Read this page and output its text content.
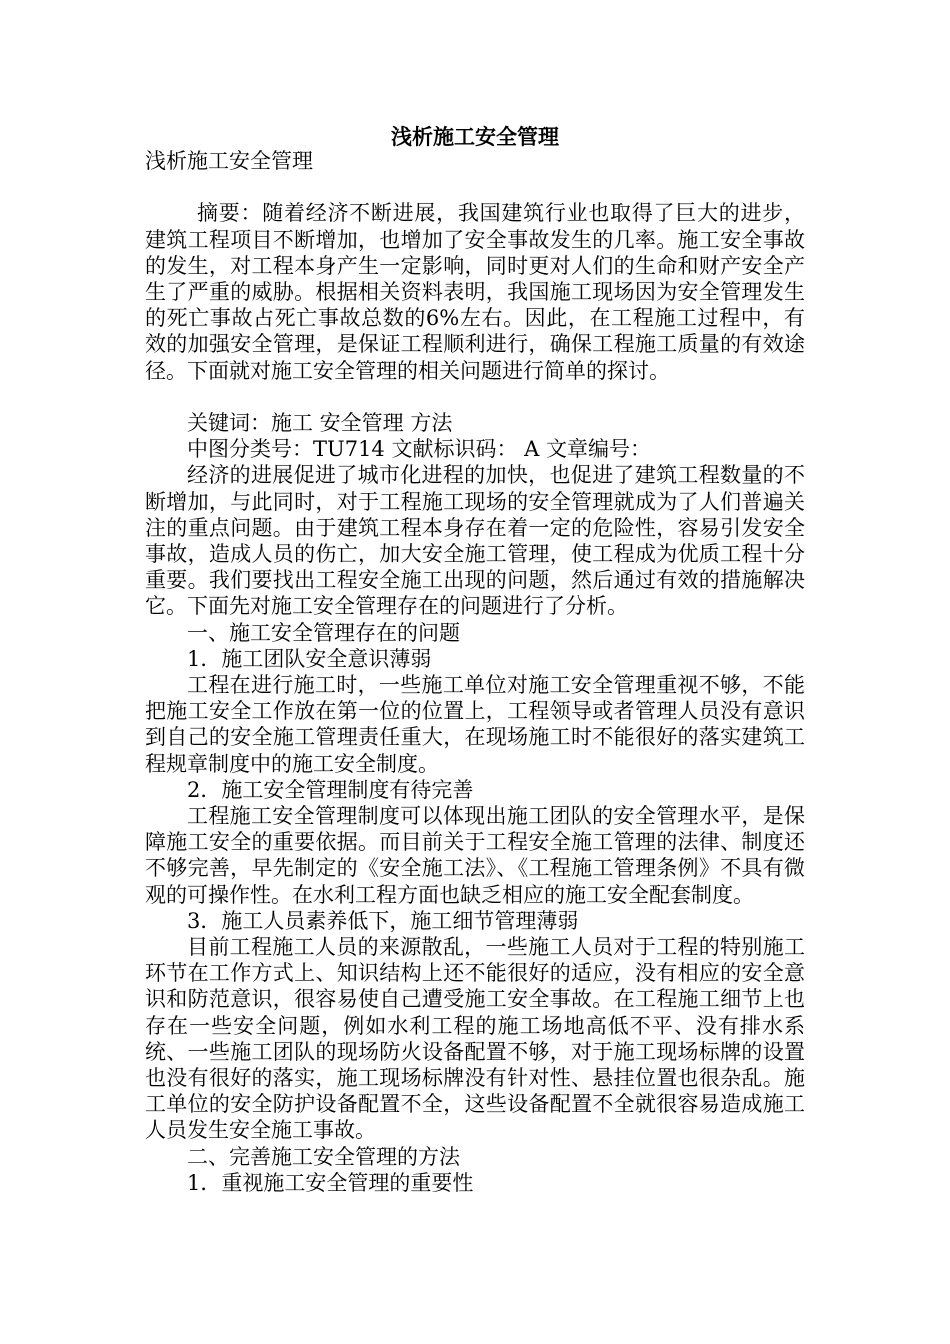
浅析施工安全管理

浅析施工安全管理

摘要：随着经济不断进展，我国建筑行业也取得了巨大的进步，建筑工程项目不断增加，也增加了安全事故发生的几率。施工安全事故的发生，对工程本身产生一定影响，同时更对人们的生命和财产安全产生了严重的威胁。根据相关资料表明，我国施工现场因为安全管理发生的死亡事故占死亡事故总数的6%左右。因此，在工程施工过程中，有效的加强安全管理，是保证工程顺利进行，确保工程施工质量的有效途径。下面就对施工安全管理的相关问题进行简单的探讨。

关键词：施工 安全管理 方法

中图分类号：TU714 文献标识码： A 文章编号：

经济的进展促进了城市化进程的加快，也促进了建筑工程数量的不断增加，与此同时，对于工程施工现场的安全管理就成为了人们普遍关注的重点问题。由于建筑工程本身存在着一定的危险性，容易引发安全事故，造成人员的伤亡，加大安全施工管理，使工程成为优质工程十分重要。我们要找出工程安全施工出现的问题，然后通过有效的措施解决它。下面先对施工安全管理存在的问题进行了分析。

一、施工安全管理存在的问题

1．施工团队安全意识薄弱

工程在进行施工时，一些施工单位对施工安全管理重视不够，不能把施工安全工作放在第一位的位置上，工程领导或者管理人员没有意识到自己的安全施工管理责任重大，在现场施工时不能很好的落实建筑工程规章制度中的施工安全制度。

2．施工安全管理制度有待完善

工程施工安全管理制度可以体现出施工团队的安全管理水平，是保障施工安全的重要依据。而目前关于工程安全施工管理的法律、制度还不够完善，早先制定的《安全施工法》、《工程施工管理条例》不具有微观的可操作性。在水利工程方面也缺乏相应的施工安全配套制度。

3．施工人员素养低下，施工细节管理薄弱

目前工程施工人员的来源散乱，一些施工人员对于工程的特别施工环节在工作方式上、知识结构上还不能很好的适应，没有相应的安全意识和防范意识，很容易使自己遭受施工安全事故。在工程施工细节上也存在一些安全问题，例如水利工程的施工场地高低不平、没有排水系统、一些施工团队的现场防火设备配置不够，对于施工现场标牌的设置也没有很好的落实，施工现场标牌没有针对性、悬挂位置也很杂乱。施工单位的安全防护设备配置不全，这些设备配置不全就很容易造成施工人员发生安全施工事故。

二、完善施工安全管理的方法

1．重视施工安全管理的重要性
